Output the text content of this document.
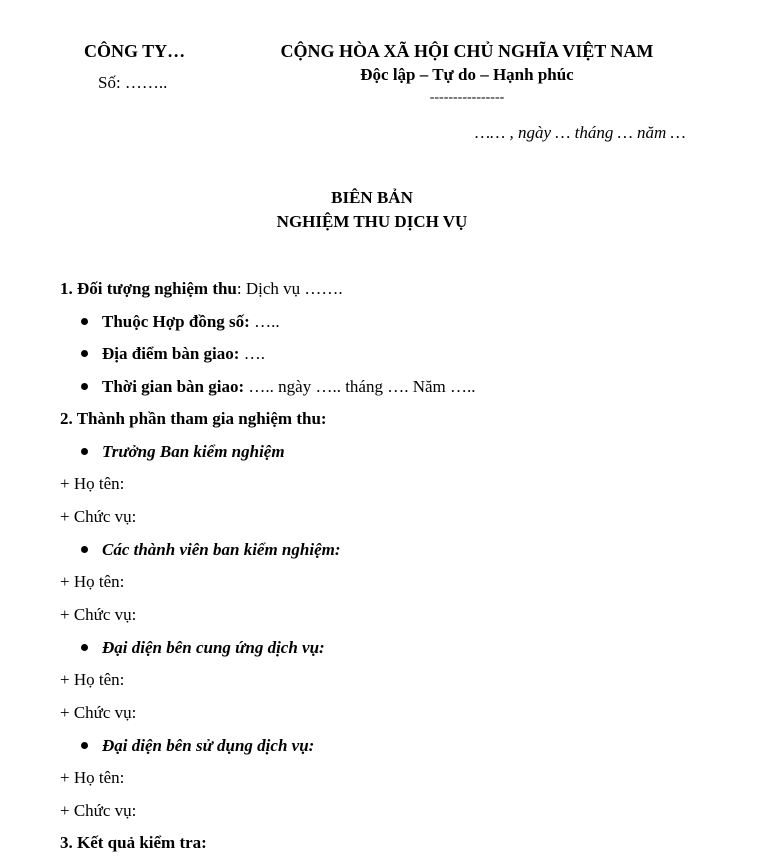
CÔNG TY…
Số: ……..
CỘNG HÒA XÃ HỘI CHỦ NGHĨA VIỆT NAM
Độc lập – Tự do – Hạnh phúc
----------------
…… , ngày … tháng … năm …
BIÊN BẢN
NGHIỆM THU DỊCH VỤ
1. Đối tượng nghiệm thu: Dịch vụ …….
Thuộc Hợp đồng số: …..
Địa điểm bàn giao: ….
Thời gian bàn giao: ….. ngày ….. tháng …. Năm …..
2. Thành phần tham gia nghiệm thu:
Trưởng Ban kiểm nghiệm
+ Họ tên:
+ Chức vụ:
Các thành viên ban kiểm nghiệm:
+ Họ tên:
+ Chức vụ:
Đại diện bên cung ứng dịch vụ:
+ Họ tên:
+ Chức vụ:
Đại diện bên sử dụng dịch vụ:
+ Họ tên:
+ Chức vụ:
3. Kết quả kiểm tra:
